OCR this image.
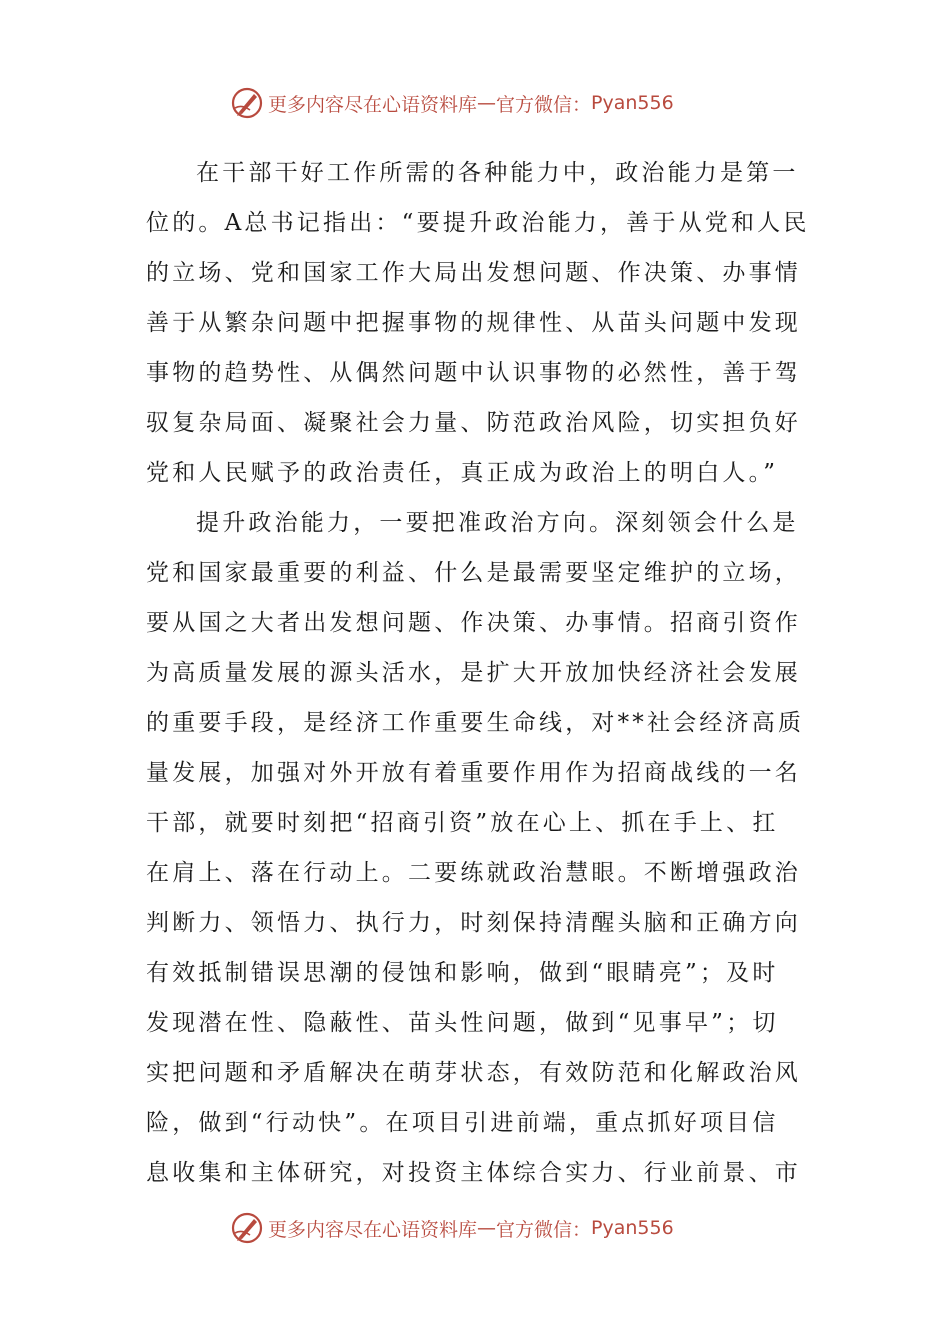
更多内容尽在心语资料库 — 官方微信： Pyan556
在干部干好工作所需的各种能力中，政治能力是第一
位的。A总书记指出：“要提升政治能力，善于从党和人民
的立场、党和国家工作大局出发想问题、作决策、办事情
善于从繁杂问题中把握事物的规律性、从苗头问题中发现
事物的趋势性、从偶然问题中认识事物的必然性，善于驾
驭复杂局面、凝聚社会力量、防范政治风险，切实担负好
党和人民赋予的政治责任，真正成为政治上的明白人。”
提升政治能力，一要把准政治方向。深刻领会什么是
党和国家最重要的利益、什么是最需要坚定维护的立场，
要从国之大者出发想问题、作决策、办事情。招商引资作
为高质量发展的源头活水，是扩大开放加快经济社会发展
的重要手段，是经济工作重要生命线，对**社会经济高质
量发展，加强对外开放有着重要作用作为招商战线的一名
干部，就要时刻把“招商引资”放在心上、抓在手上、扛
在肩上、落在行动上。二要练就政治慧眼。不断增强政治
判断力、领悟力、执行力，时刻保持清醒头脑和正确方向
有效抵制错误思潮的侵蚀和影响，做到“眼睛亮”；及时
发现潜在性、隐蔽性、苗头性问题，做到“见事早”；切
实把问题和矛盾解决在萌芽状态，有效防范和化解政治风
险，做到“行动快”。在项目引进前端，重点抓好项目信
息收集和主体研究，对投资主体综合实力、行业前景、市
更多内容尽在心语资料库 — 官方微信： Pyan556
